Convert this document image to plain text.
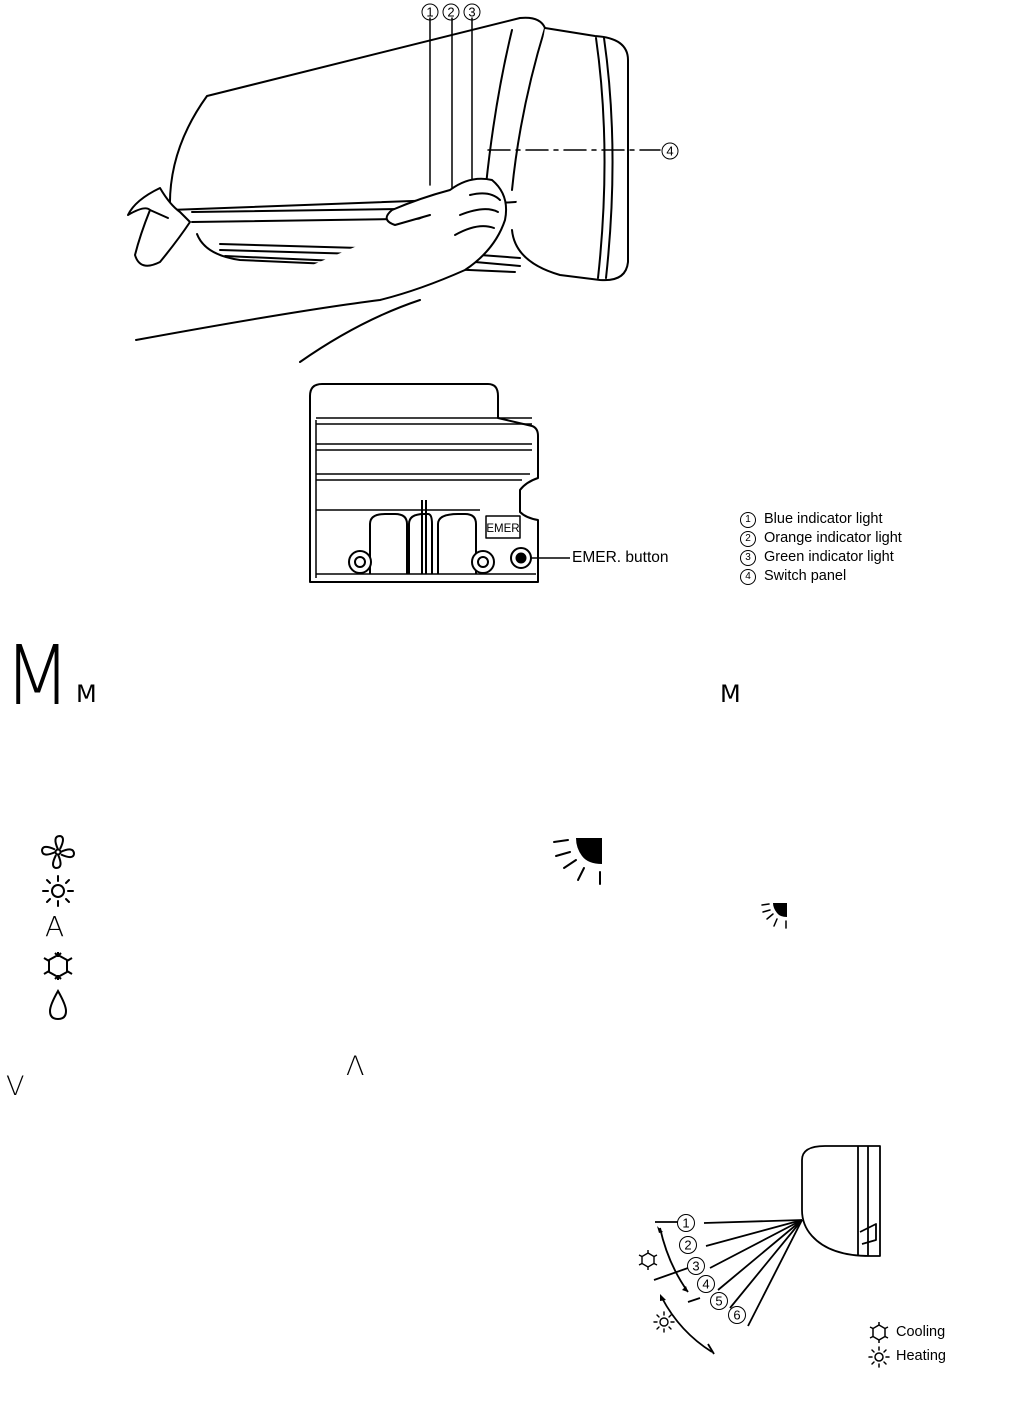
1 2 3
4
EMER
EMER. button
1 Blue indicator light
2 Orange indicator light
3 Green indicator light
4 Switch panel
M M	M
A
V
Λ
1
2
3
4
5
6
Cooling
Heating
